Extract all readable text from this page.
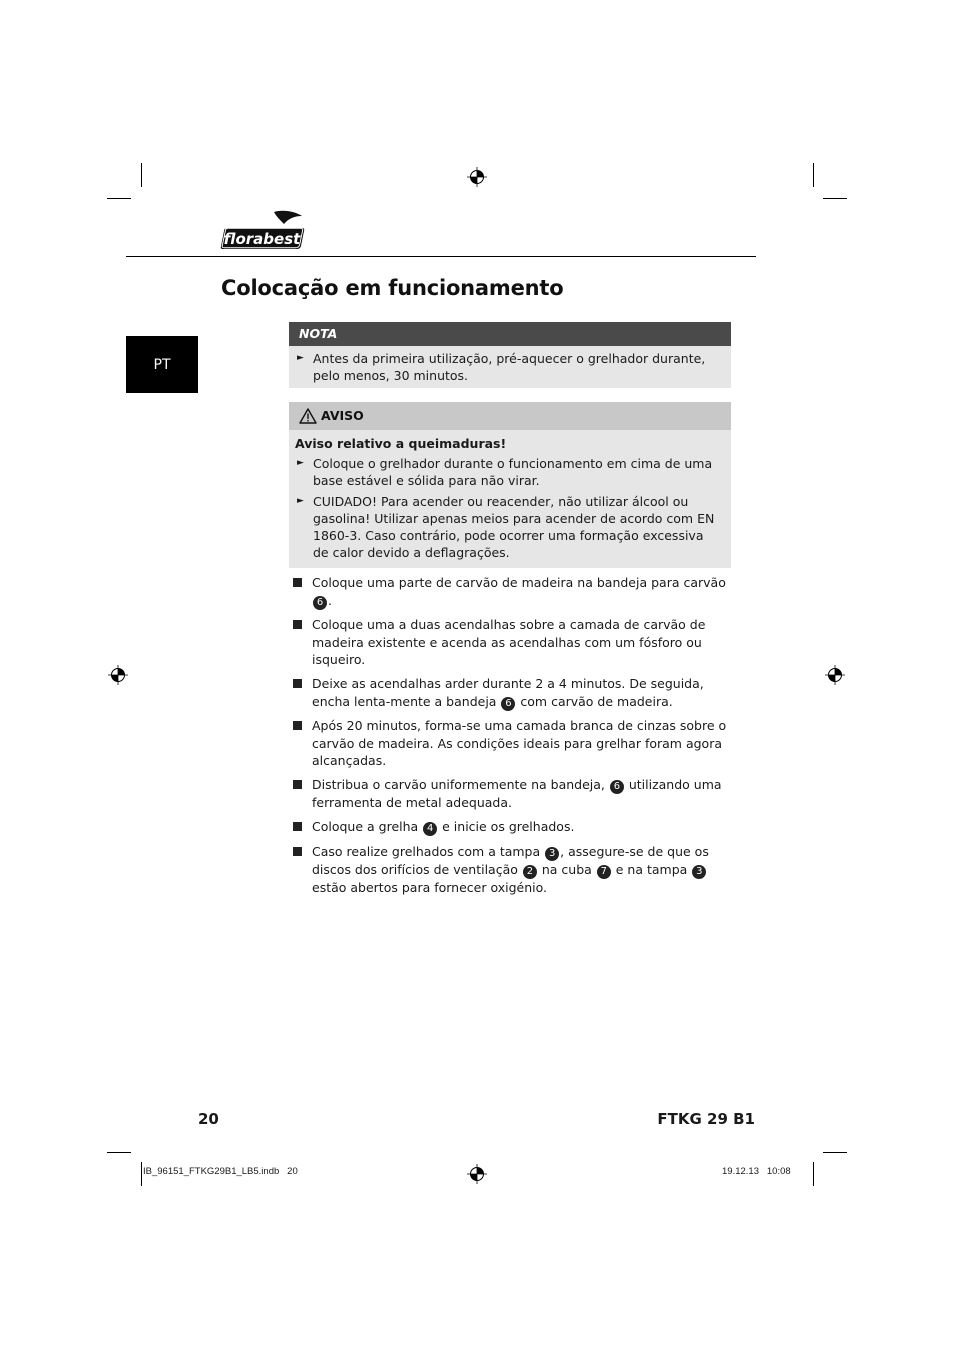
florabest
Colocação em funcionamento
PT
NOTA
► Antes da primeira utilização, pré-aquecer o grelhador durante, pelo menos, 30 minutos.
AVISO
Aviso relativo a queimaduras!
► Coloque o grelhador durante o funcionamento em cima de uma base estável e sólida para não virar.
► CUIDADO! Para acender ou reacender, não utilizar álcool ou gasolina! Utilizar apenas meios para acender de acordo com EN 1860-3. Caso contrário, pode ocorrer uma formação excessiva de calor devido a deflagrações.
Coloque uma parte de carvão de madeira na bandeja para carvão 6 .
Coloque uma a duas acendalhas sobre a camada de carvão de madeira existente e acenda as acendalhas com um fósforo ou isqueiro.
Deixe as acendalhas arder durante 2 a 4 minutos. De seguida, encha lenta-mente a bandeja 6 com carvão de madeira.
Após 20 minutos, forma-se uma camada branca de cinzas sobre o carvão de madeira. As condições ideais para grelhar foram agora alcançadas.
Distribua o carvão uniformemente na bandeja, 6 utilizando uma ferramenta de metal adequada.
Coloque a grelha 4 e inicie os grelhados.
Caso realize grelhados com a tampa 3 , assegure-se de que os discos dos orifícios de ventilação 2 na cuba 7 e na tampa 3 estão abertos para fornecer oxigénio.
20	FTKG 29 B1
IB_96151_FTKG29B1_LB5.indb   20	19.12.13   10:08
